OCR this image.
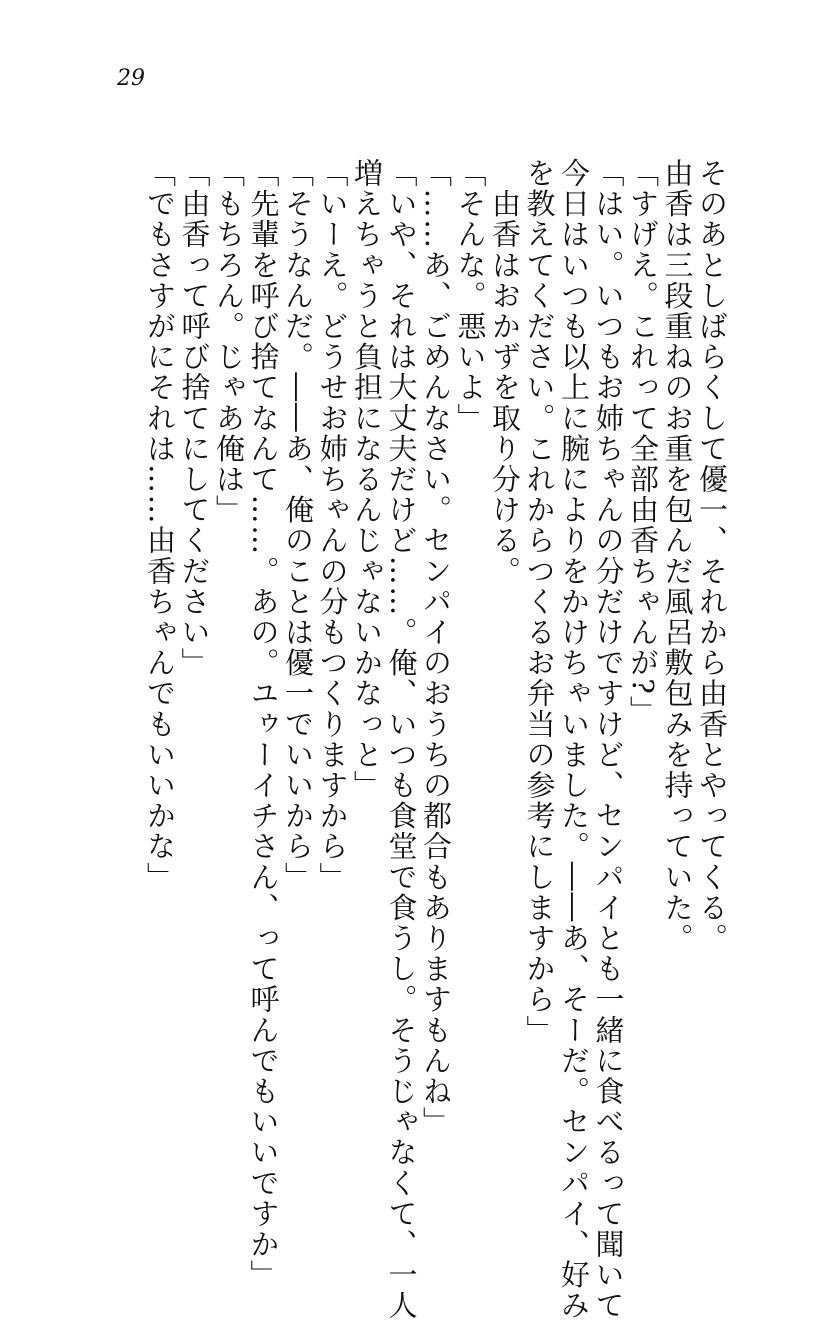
29
そのあとしばらくして優一、それから由香とやってくる。
由香は三段重ねのお重を包んだ風呂敷包みを持っていた。
「すげえ。これって全部由香ちゃんが?」
「はい。いつもお姉ちゃんの分だけですけど、センパイとも一緒に食べるって聞いて
今日はいつも以上に腕によりをかけちゃいました。――あ、そーだ。センパイ、好み
を教えてください。これからつくるお弁当の参考にしますから」
　由香はおかずを取り分ける。
「そんな。悪いよ」
「……あ、ごめんなさい。センパイのおうちの都合もありますもんね」
「いや、それは大丈夫だけど……。俺、いつも食堂で食うし。そうじゃなくて、一人
増えちゃうと負担になるんじゃないかなっと」
「いーえ。どうせお姉ちゃんの分もつくりますから」
「そうなんだ。――あ、俺のことは優一でいいから」
「先輩を呼び捨てなんて……。あの。ユゥーイチさん、って呼んでもいいですか」
「もちろん。じゃあ俺は」
「由香って呼び捨てにしてください」
「でもさすがにそれは……由香ちゃんでもいいかな」
